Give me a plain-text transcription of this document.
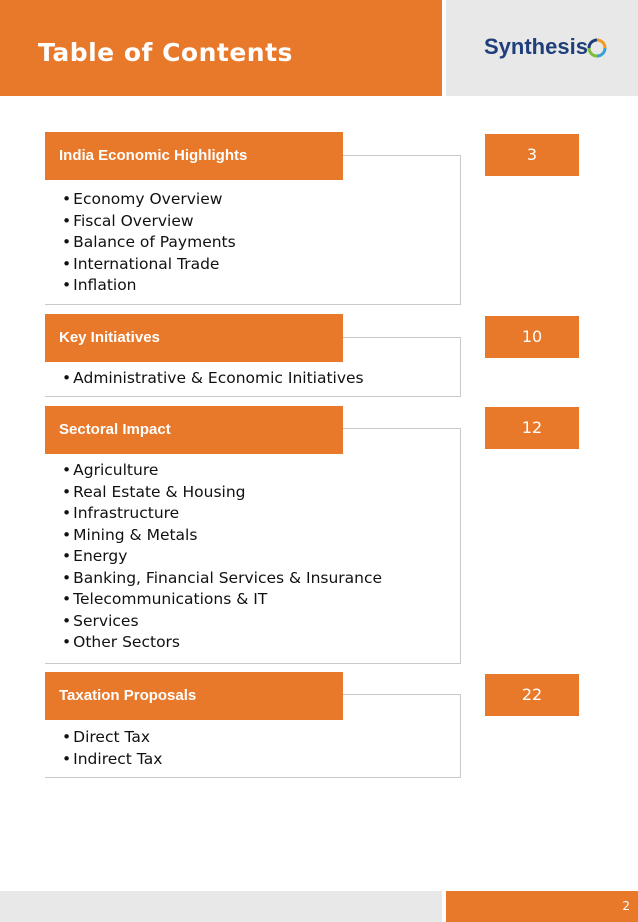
Table of Contents	Synthesis
India Economic Highlights
• Economy Overview
• Fiscal Overview
• Balance of Payments
• International Trade
• Inflation
3
Key Initiatives
• Administrative & Economic Initiatives
10
Sectoral Impact
• Agriculture
• Real Estate & Housing
• Infrastructure
• Mining & Metals
• Energy
• Banking, Financial Services & Insurance
• Telecommunications & IT
• Services
• Other Sectors
12
Taxation Proposals
• Direct Tax
• Indirect Tax
22
2
